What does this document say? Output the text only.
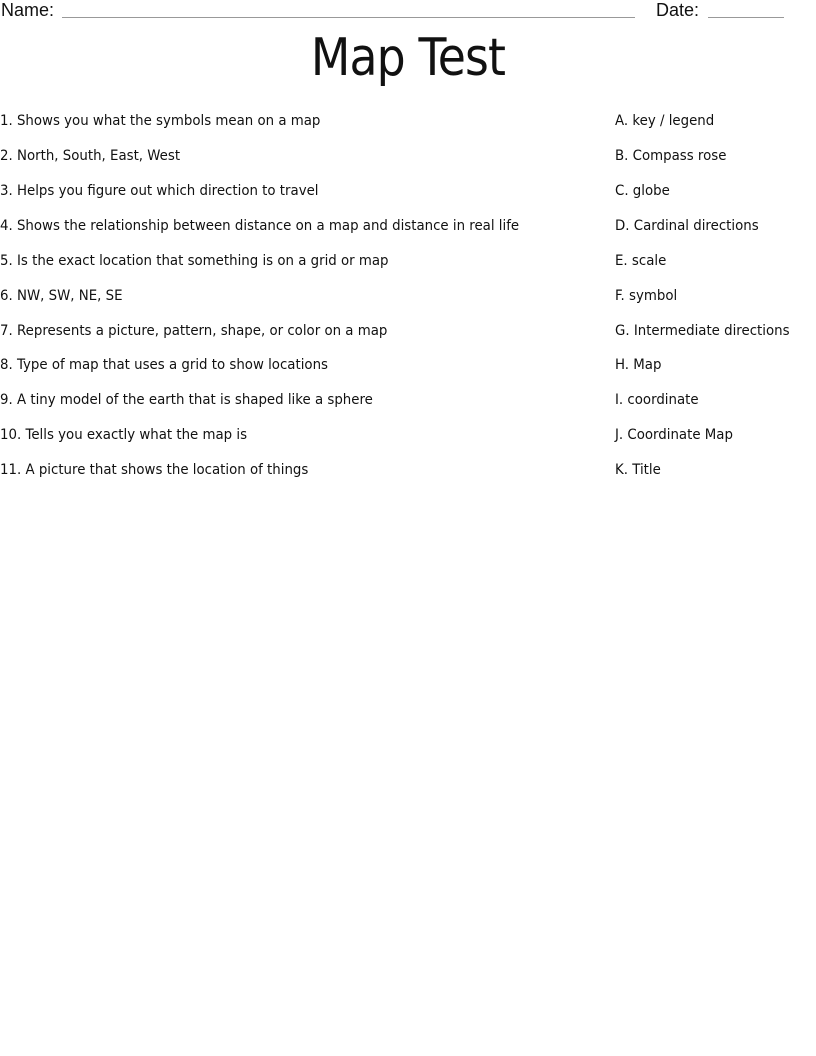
Name:	Date:
Map Test
1. Shows you what the symbols mean on a map
2. North, South, East, West
3. Helps you figure out which direction to travel
4. Shows the relationship between distance on a map and distance in real life
5. Is the exact location that something is on a grid or map
6. NW, SW, NE, SE
7. Represents a picture, pattern, shape, or color on a map
8. Type of map that uses a grid to show locations
9. A tiny model of the earth that is shaped like a sphere
10. Tells you exactly what the map is
11. A picture that shows the location of things
A. key / legend
B. Compass rose
C. globe
D. Cardinal directions
E. scale
F. symbol
G. Intermediate directions
H. Map
I. coordinate
J. Coordinate Map
K. Title
